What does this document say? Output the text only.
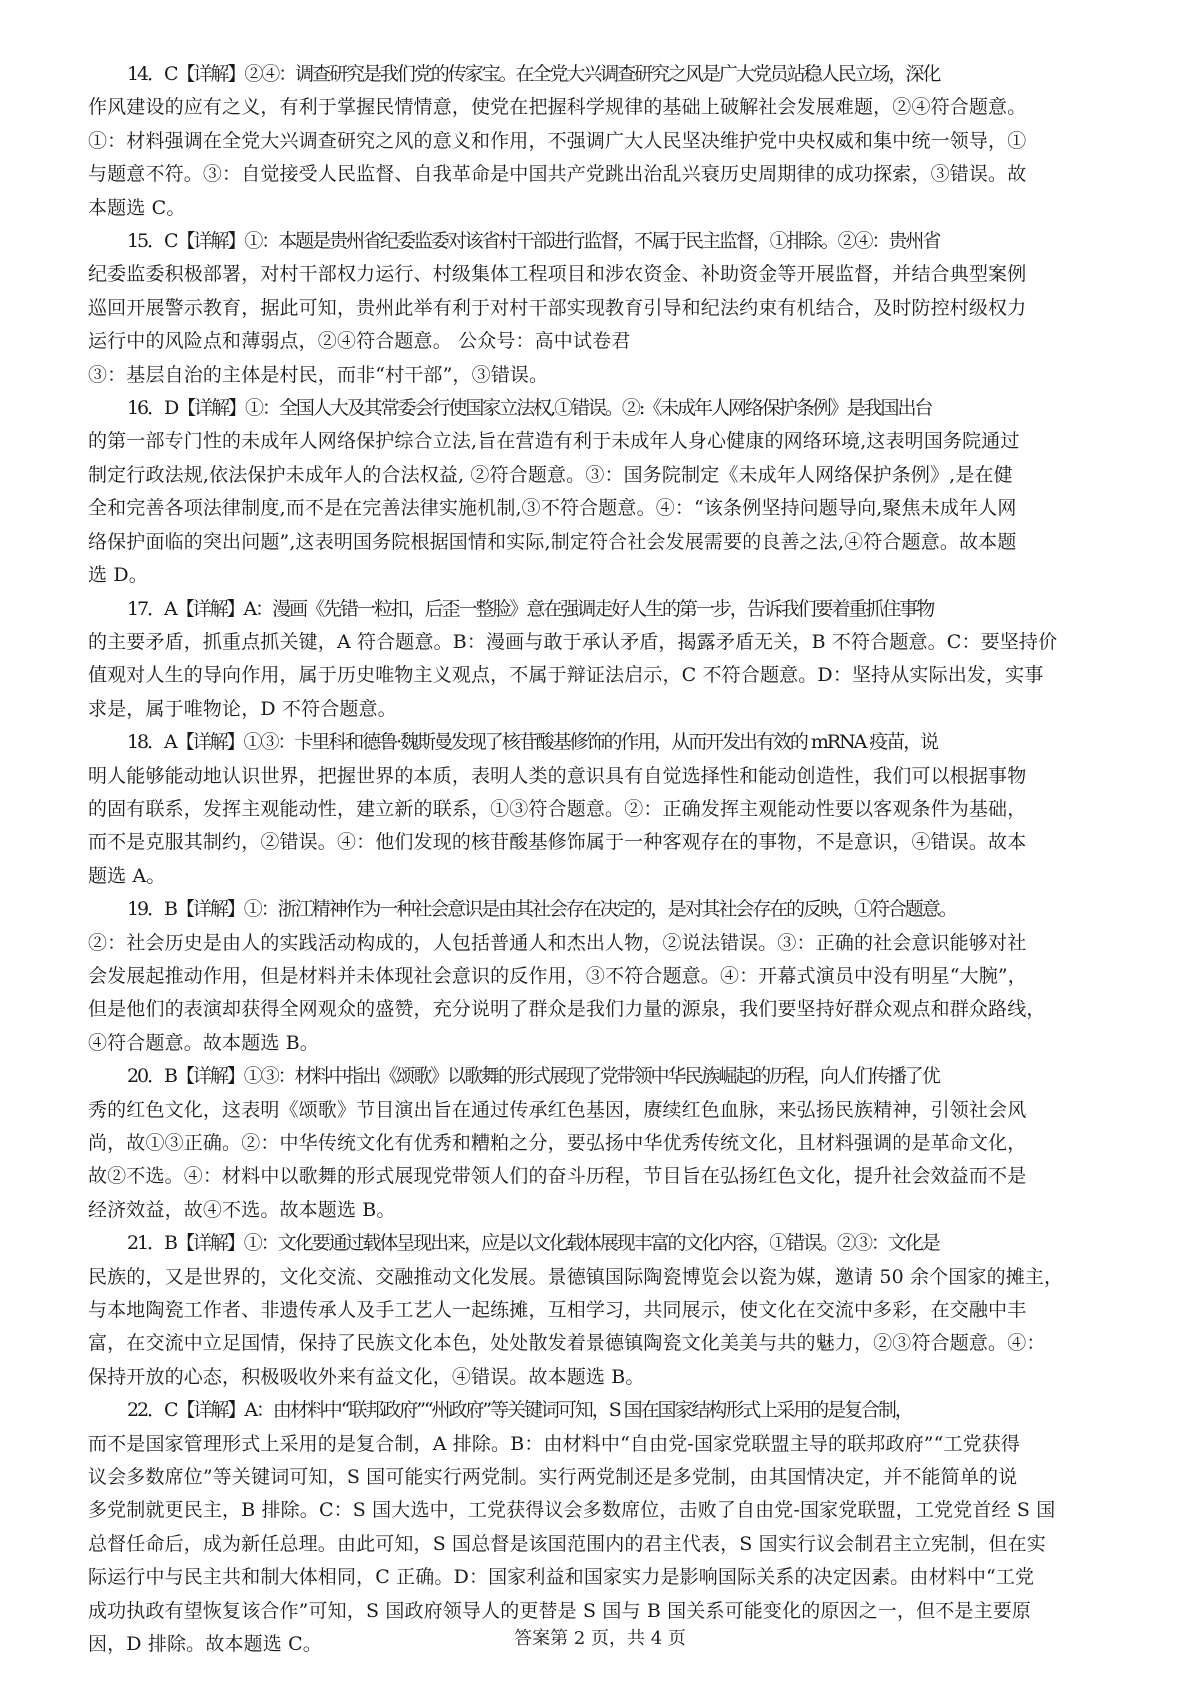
14．C【详解】②④：调查研究是我们党的传家宝。在全党大兴调查研究之风是广大党员站稳人民立场，深化
作风建设的应有之义，有利于掌握民情情意，使党在把握科学规律的基础上破解社会发展难题，②④符合题意。
①：材料强调在全党大兴调查研究之风的意义和作用，不强调广大人民坚决维护党中央权威和集中统一领导，①
与题意不符。③：自觉接受人民监督、自我革命是中国共产党跳出治乱兴衰历史周期律的成功探索，③错误。故
本题选 C。

15．C【详解】①：本题是贵州省纪委监委对该省村干部进行监督，不属于民主监督，①排除。②④：贵州省
纪委监委积极部署，对村干部权力运行、村级集体工程项目和涉农资金、补助资金等开展监督，并结合典型案例
巡回开展警示教育，据此可知，贵州此举有利于对村干部实现教育引导和纪法约束有机结合，及时防控村级权力
运行中的风险点和薄弱点，②④符合题意。 公众号：高中试卷君
③：基层自治的主体是村民，而非“村干部”，③错误。

16．D【详解】①：全国人大及其常委会行使国家立法权,①错误。②:《未成年人网络保护条例》是我国出台
的第一部专门性的未成年人网络保护综合立法,旨在营造有利于未成年人身心健康的网络环境,这表明国务院通过
制定行政法规,依法保护未成年人的合法权益, ②符合题意。③：国务院制定《未成年人网络保护条例》,是在健
全和完善各项法律制度,而不是在完善法律实施机制,③不符合题意。④：“该条例坚持问题导向,聚焦未成年人网
络保护面临的突出问题”,这表明国务院根据国情和实际,制定符合社会发展需要的良善之法,④符合题意。故本题
选 D。

17．A【详解】A：漫画《先错一粒扣，后歪一整脸》意在强调走好人生的第一步，告诉我们要着重抓住事物
的主要矛盾，抓重点抓关键，A 符合题意。B：漫画与敢于承认矛盾，揭露矛盾无关，B 不符合题意。C：要坚持价
值观对人生的导向作用，属于历史唯物主义观点，不属于辩证法启示，C 不符合题意。D：坚持从实际出发，实事
求是，属于唯物论，D 不符合题意。

18．A【详解】①③：卡里科和德鲁·魏斯曼发现了核苷酸基修饰的作用，从而开发出有效的 mRNA 疫苗，说
明人能够能动地认识世界，把握世界的本质，表明人类的意识具有自觉选择性和能动创造性，我们可以根据事物
的固有联系，发挥主观能动性，建立新的联系，①③符合题意。②：正确发挥主观能动性要以客观条件为基础，
而不是克服其制约，②错误。④：他们发现的核苷酸基修饰属于一种客观存在的事物，不是意识，④错误。故本
题选 A。

19．B【详解】①：浙江精神作为一种社会意识是由其社会存在决定的，是对其社会存在的反映，①符合题意。
②：社会历史是由人的实践活动构成的，人包括普通人和杰出人物，②说法错误。③：正确的社会意识能够对社
会发展起推动作用，但是材料并未体现社会意识的反作用，③不符合题意。④：开幕式演员中没有明星“大腕”，
但是他们的表演却获得全网观众的盛赞，充分说明了群众是我们力量的源泉，我们要坚持好群众观点和群众路线，
④符合题意。故本题选 B。

20．B【详解】①③：材料中指出《颂歌》以歌舞的形式展现了党带领中华民族崛起的历程，向人们传播了优
秀的红色文化，这表明《颂歌》节目演出旨在通过传承红色基因，赓续红色血脉，来弘扬民族精神，引领社会风
尚，故①③正确。②：中华传统文化有优秀和糟粕之分，要弘扬中华优秀传统文化，且材料强调的是革命文化，
故②不选。④：材料中以歌舞的形式展现党带领人们的奋斗历程，节目旨在弘扬红色文化，提升社会效益而不是
经济效益，故④不选。故本题选 B。

21．B【详解】①：文化要通过载体呈现出来，应是以文化载体展现丰富的文化内容，①错误。②③：文化是
民族的，又是世界的，文化交流、交融推动文化发展。景德镇国际陶瓷博览会以瓷为媒，邀请 50 余个国家的摊主，
与本地陶瓷工作者、非遗传承人及手工艺人一起练摊，互相学习，共同展示，使文化在交流中多彩，在交融中丰
富，在交流中立足国情，保持了民族文化本色，处处散发着景德镇陶瓷文化美美与共的魅力，②③符合题意。④：
保持开放的心态，积极吸收外来有益文化，④错误。故本题选 B。

22．C【详解】A：由材料中“联邦政府”“州政府”等关键词可知，S 国在国家结构形式上采用的是复合制，
而不是国家管理形式上采用的是复合制，A 排除。B：由材料中“自由党-国家党联盟主导的联邦政府”“工党获得
议会多数席位”等关键词可知，S 国可能实行两党制。实行两党制还是多党制，由其国情决定，并不能简单的说
多党制就更民主，B 排除。C：S 国大选中，工党获得议会多数席位，击败了自由党-国家党联盟，工党党首经 S 国
总督任命后，成为新任总理。由此可知，S 国总督是该国范围内的君主代表，S 国实行议会制君主立宪制，但在实
际运行中与民主共和制大体相同，C 正确。D：国家利益和国家实力是影响国际关系的决定因素。由材料中“工党
成功执政有望恢复该合作”可知，S 国政府领导人的更替是 S 国与 B 国关系可能变化的原因之一，但不是主要原
因，D 排除。故本题选 C。	答案第 2 页，共 4 页
